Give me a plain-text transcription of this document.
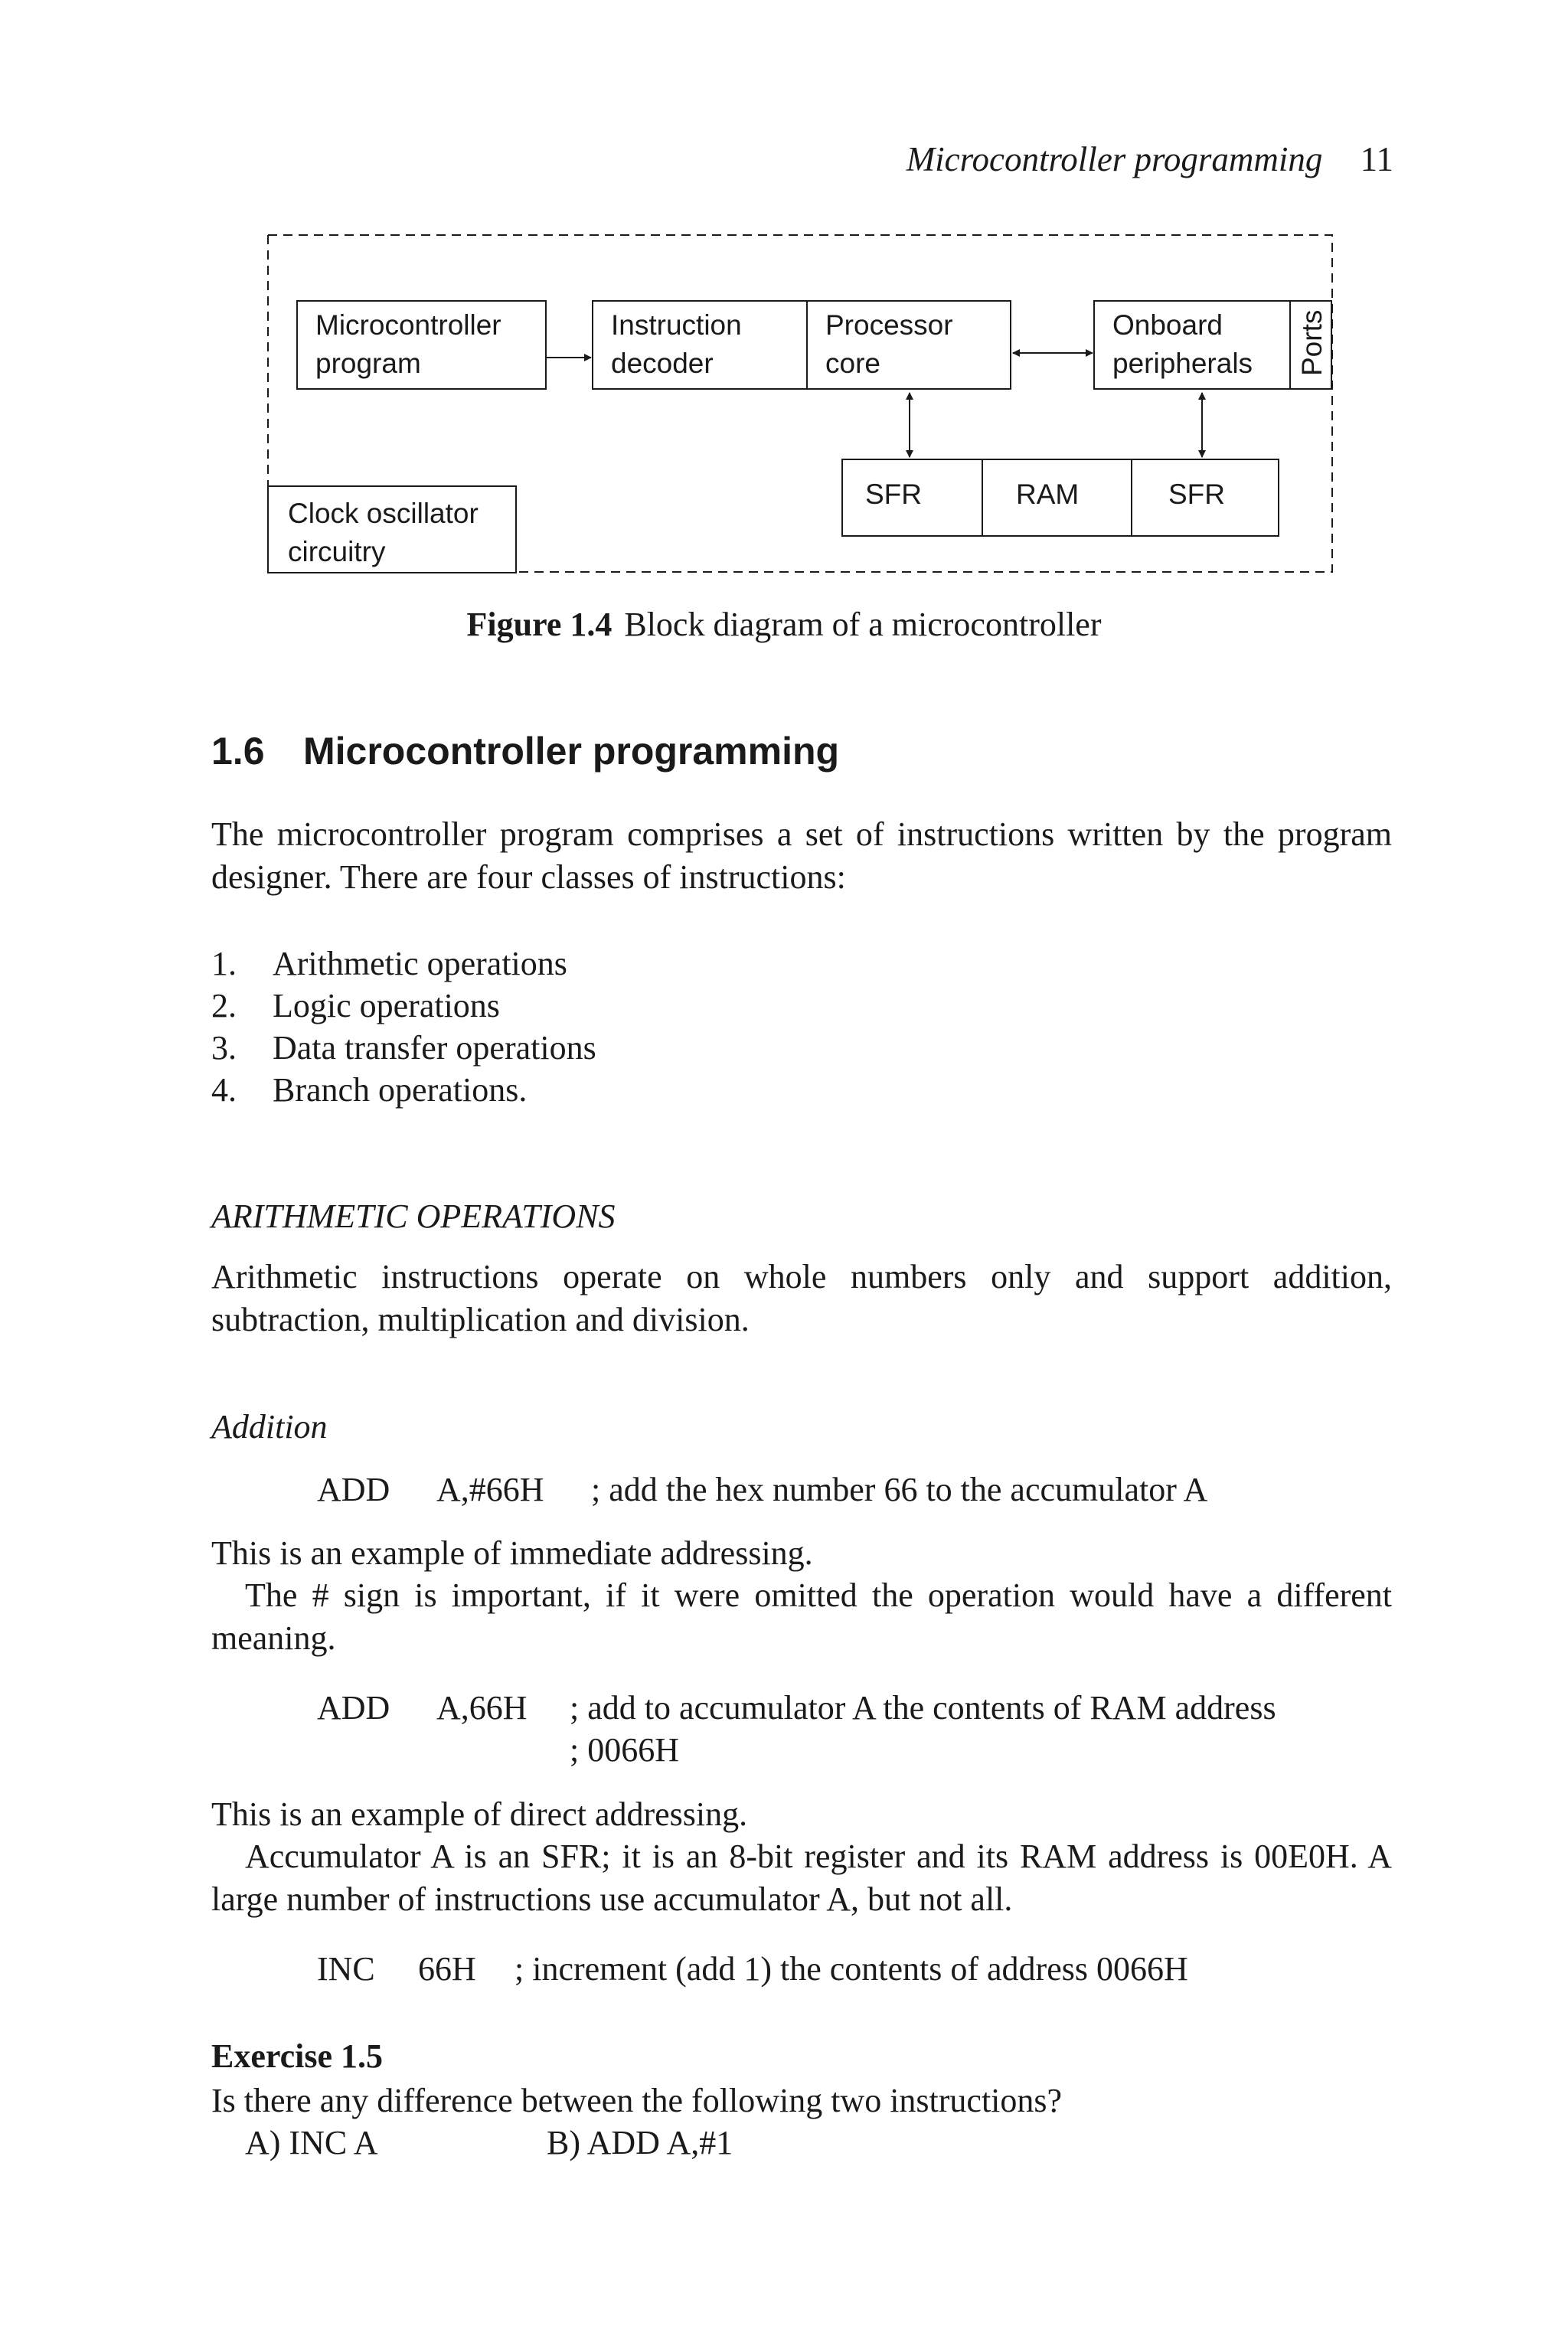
Microcontroller programming 11
Microcontroller
program
Instruction
decoder
Processor
core
Onboard
peripherals Ports
SFR	RAM	SFR
Clock oscillator
circuitry
Figure 1.4 Block diagram of a microcontroller
1.6 Microcontroller programming
The microcontroller program comprises a set of instructions written by the program designer. There are four classes of instructions:
1. Arithmetic operations
2. Logic operations
3. Data transfer operations
4. Branch operations.
ARITHMETIC OPERATIONS
Arithmetic instructions operate on whole numbers only and support addition, subtraction, multiplication and division.
Addition
ADD A,#66H ; add the hex number 66 to the accumulator A
This is an example of immediate addressing.
The # sign is important, if it were omitted the operation would have a different meaning.
ADD A,66H ; add to accumulator A the contents of RAM address
; 0066H
This is an example of direct addressing.
Accumulator A is an SFR; it is an 8-bit register and its RAM address is 00E0H. A large number of instructions use accumulator A, but not all.
INC 66H ; increment (add 1) the contents of address 0066H
Exercise 1.5
Is there any difference between the following two instructions?
A) INC A	B) ADD A,#1
